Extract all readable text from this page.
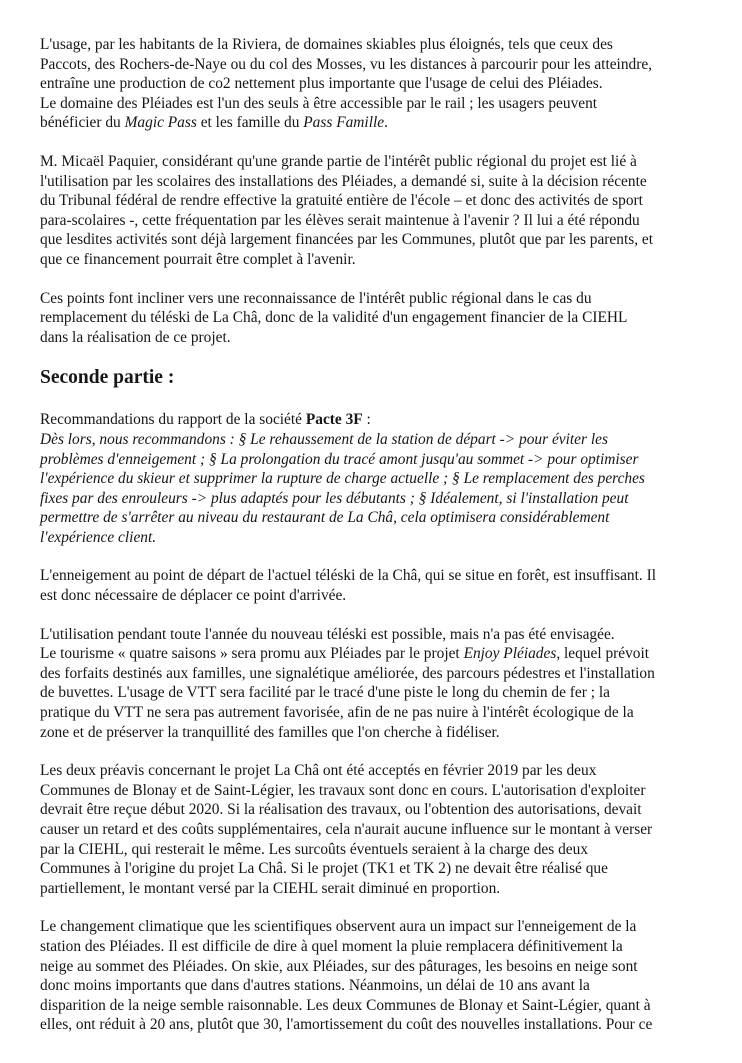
L'usage, par les habitants de la Riviera, de domaines skiables plus éloignés, tels que ceux des
Paccots, des Rochers-de-Naye ou du col des Mosses, vu les distances à parcourir pour les atteindre,
entraîne une production de co2 nettement plus importante que l'usage de celui des Pléiades.
Le domaine des Pléiades est l'un des seuls à être accessible par le rail ; les usagers peuvent
bénéficier du Magic Pass et les famille du Pass Famille.

M. Micaël Paquier, considérant qu'une grande partie de l'intérêt public régional du projet est lié à
l'utilisation par les scolaires des installations des Pléiades, a demandé si, suite à la décision récente
du Tribunal fédéral de rendre effective la gratuité entière de l'école – et donc des activités de sport
para-scolaires -, cette fréquentation par les élèves serait maintenue à l'avenir ? Il lui a été répondu
que lesdites activités sont déjà largement financées par les Communes, plutôt que par les parents, et
que ce financement pourrait être complet à l'avenir.

Ces points font incliner vers une reconnaissance de l'intérêt public régional dans le cas du
remplacement du téléski de La Châ, donc de la validité d'un engagement financier de la CIEHL
dans la réalisation de ce projet.

Seconde partie :

Recommandations du rapport de la société Pacte 3F :
Dès lors, nous recommandons : § Le rehaussement de la station de départ -> pour éviter les
problèmes d'enneigement ; § La prolongation du tracé amont jusqu'au sommet -> pour optimiser
l'expérience du skieur et supprimer la rupture de charge actuelle ; § Le remplacement des perches
fixes par des enrouleurs -> plus adaptés pour les débutants ; § Idéalement, si l'installation peut
permettre de s'arrêter au niveau du restaurant de La Châ, cela optimisera considérablement
l'expérience client.

L'enneigement au point de départ de l'actuel téléski de la Châ, qui se situe en forêt, est insuffisant. Il
est donc nécessaire de déplacer ce point d'arrivée.

L'utilisation pendant toute l'année du nouveau téléski est possible, mais n'a pas été envisagée.
Le tourisme « quatre saisons » sera promu aux Pléiades par le projet Enjoy Pléiades, lequel prévoit
des forfaits destinés aux familles, une signalétique améliorée, des parcours pédestres et l'installation
de buvettes. L'usage de VTT sera facilité par le tracé d'une piste le long du chemin de fer ; la
pratique du VTT ne sera pas autrement favorisée, afin de ne pas nuire à l'intérêt écologique de la
zone et de préserver la tranquillité des familles que l'on cherche à fidéliser.

Les deux préavis concernant le projet La Châ ont été acceptés en février 2019 par les deux
Communes de Blonay et de Saint-Légier, les travaux sont donc en cours. L'autorisation d'exploiter
devrait être reçue début 2020. Si la réalisation des travaux, ou l'obtention des autorisations, devait
causer un retard et des coûts supplémentaires, cela n'aurait aucune influence sur le montant à verser
par la CIEHL, qui resterait le même. Les surcoûts éventuels seraient à la charge des deux
Communes à l'origine du projet La Châ. Si le projet (TK1 et TK 2) ne devait être réalisé que
partiellement, le montant versé par la CIEHL serait diminué en proportion.

Le changement climatique que les scientifiques observent aura un impact sur l'enneigement de la
station des Pléiades. Il est difficile de dire à quel moment la pluie remplacera définitivement la
neige au sommet des Pléiades. On skie, aux Pléiades, sur des pâturages, les besoins en neige sont
donc moins importants que dans d'autres stations. Néanmoins, un délai de 10 ans avant la
disparition de la neige semble raisonnable. Les deux Communes de Blonay et Saint-Légier, quant à
elles, ont réduit à 20 ans, plutôt que 30, l'amortissement du coût des nouvelles installations. Pour ce
